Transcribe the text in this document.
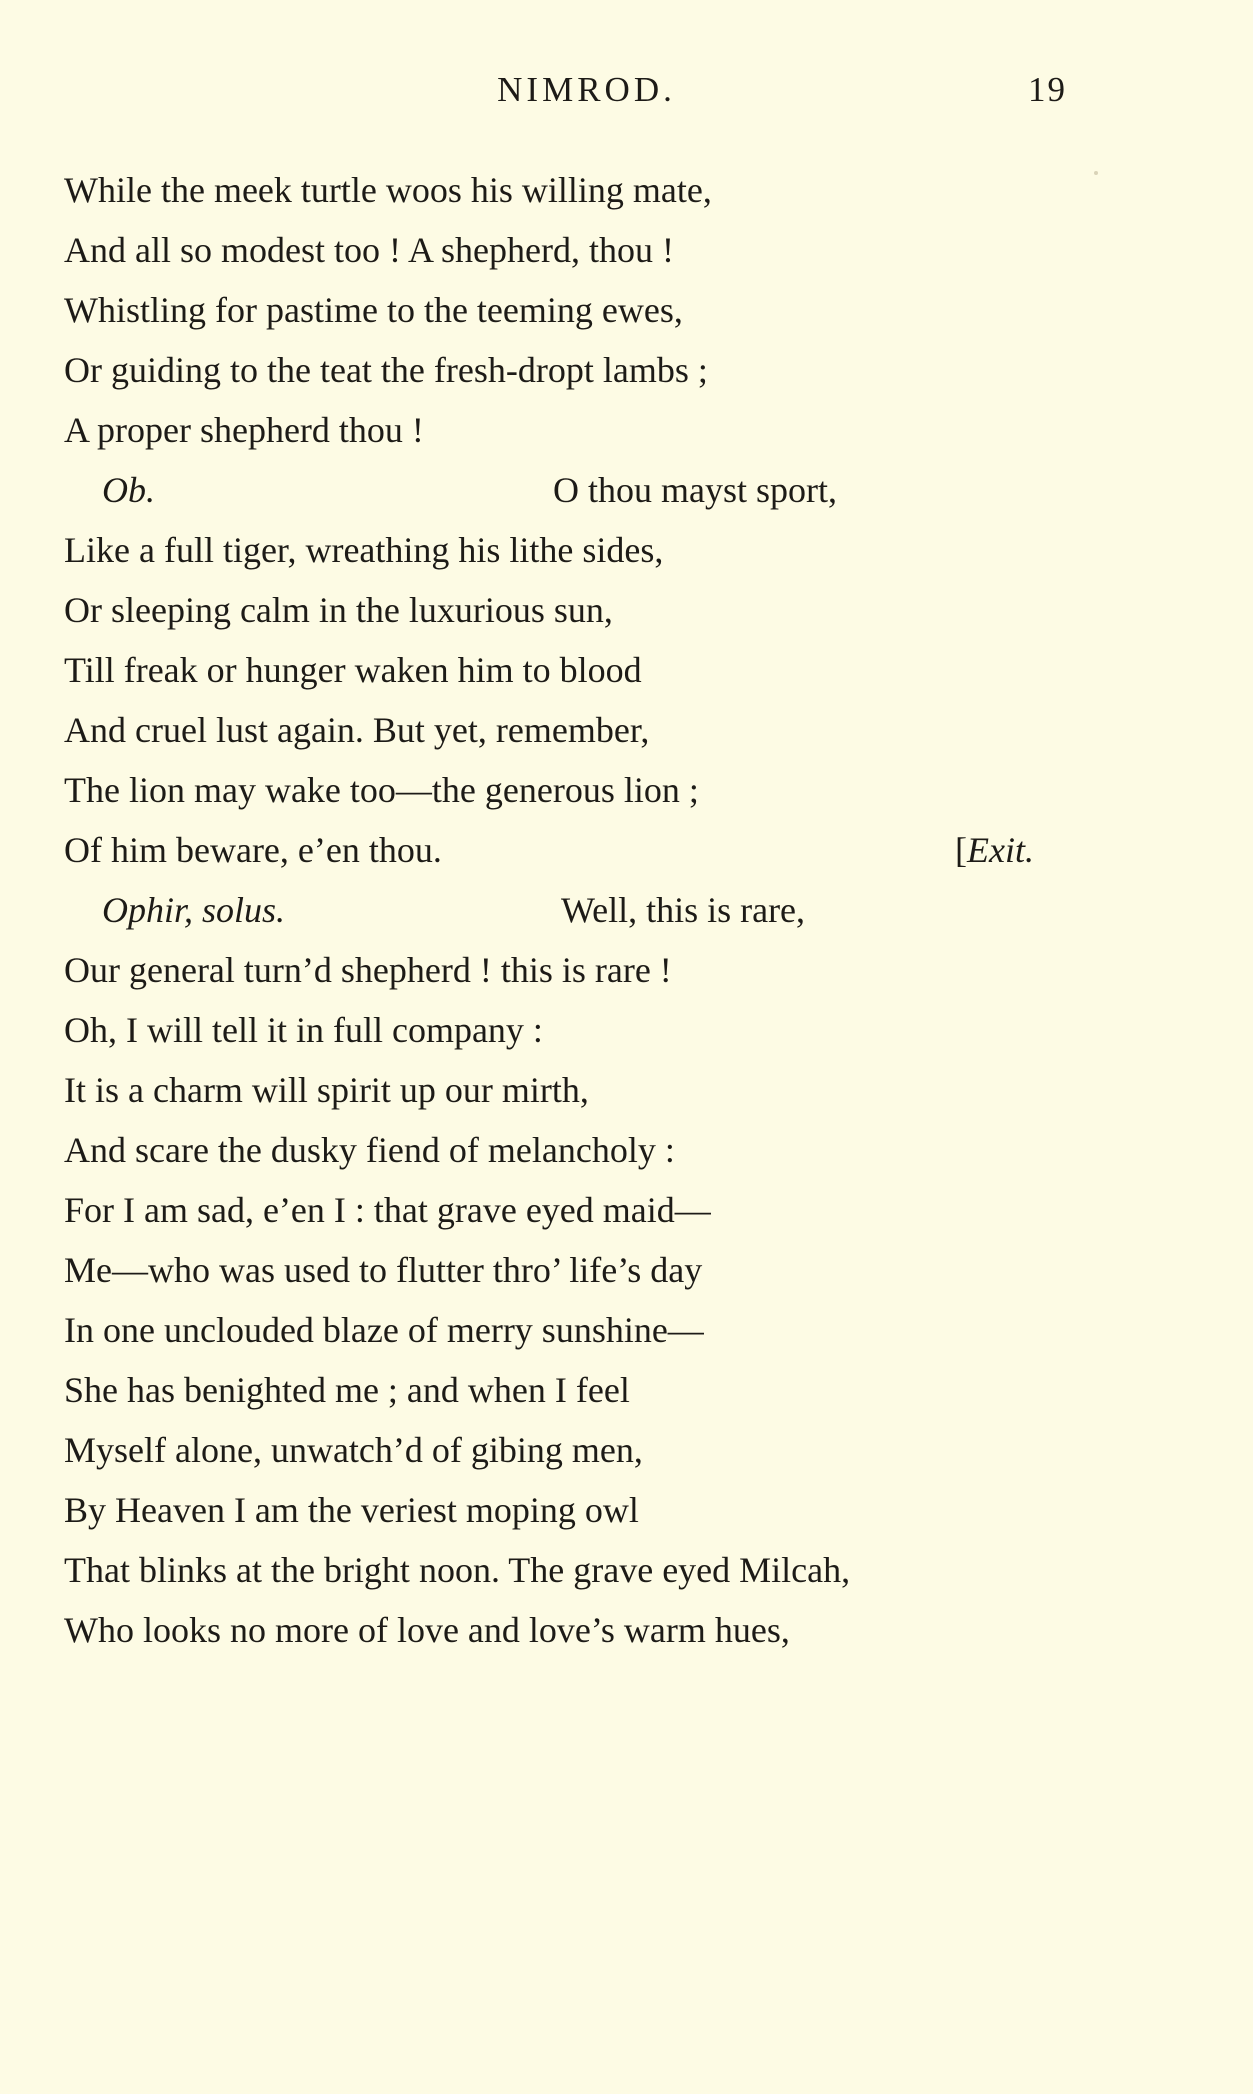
NIMROD.	19
While the meek turtle woos his willing mate,
And all so modest too ! A shepherd, thou !
Whistling for pastime to the teeming ewes,
Or guiding to the teat the fresh-dropt lambs ;
A proper shepherd thou !
Ob.	O thou mayst sport,
Like a full tiger, wreathing his lithe sides,
Or sleeping calm in the luxurious sun,
Till freak or hunger waken him to blood
And cruel lust again. But yet, remember,
The lion may wake too—the generous lion ;
Of him beware, e’en thou.	[Exit.
Ophir, solus.	Well, this is rare,
Our general turn’d shepherd ! this is rare !
Oh, I will tell it in full company :
It is a charm will spirit up our mirth,
And scare the dusky fiend of melancholy :
For I am sad, e’en I : that grave eyed maid—
Me—who was used to flutter thro’ life’s day
In one unclouded blaze of merry sunshine—
She has benighted me ; and when I feel
Myself alone, unwatch’d of gibing men,
By Heaven I am the veriest moping owl
That blinks at the bright noon. The grave eyed Milcah,
Who looks no more of love and love’s warm hues,
